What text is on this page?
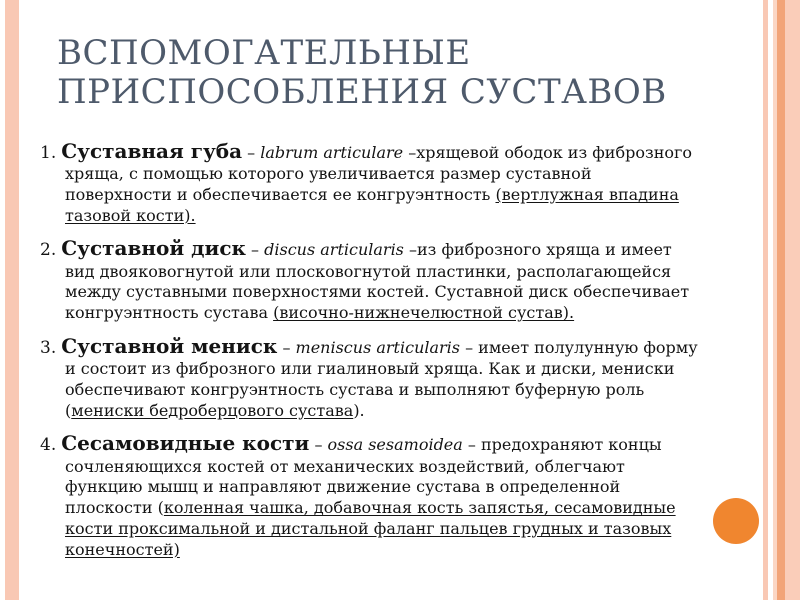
ВСПОМОГАТЕЛЬНЫЕ
ПРИСПОСОБЛЕНИЯ СУСТАВОВ
1. Суставная губа – labrum articulare –хрящевой ободок из фиброзного хряща, с помощью которого увеличивается размер суставной поверхности и обеспечивается ее конгруэнтность (вертлужная впадина тазовой кости).
2. Суставной диск – discus articularis –из фиброзного хряща и имеет вид двояковогнутой или плосковогнутой пластинки, располагающейся между суставными поверхностями костей. Суставной диск обеспечивает конгруэнтность сустава (височно-нижнечелюстной сустав).
3. Суставной мениск – meniscus articularis – имеет полулунную форму и состоит из фиброзного или гиалиновый хряща. Как и диски, мениски обеспечивают конгруэнтность сустава и выполняют буферную роль (мениски бедроберцового сустава).
4. Сесамовидные кости – ossa sesamoidea – предохраняют концы сочленяющихся костей от механических воздействий, облегчают функцию мышц и направляют движение сустава в определенной плоскости (коленная чашка, добавочная кость запястья, сесамовидные кости проксимальной и дистальной фаланг пальцев грудных и тазовых конечностей)
